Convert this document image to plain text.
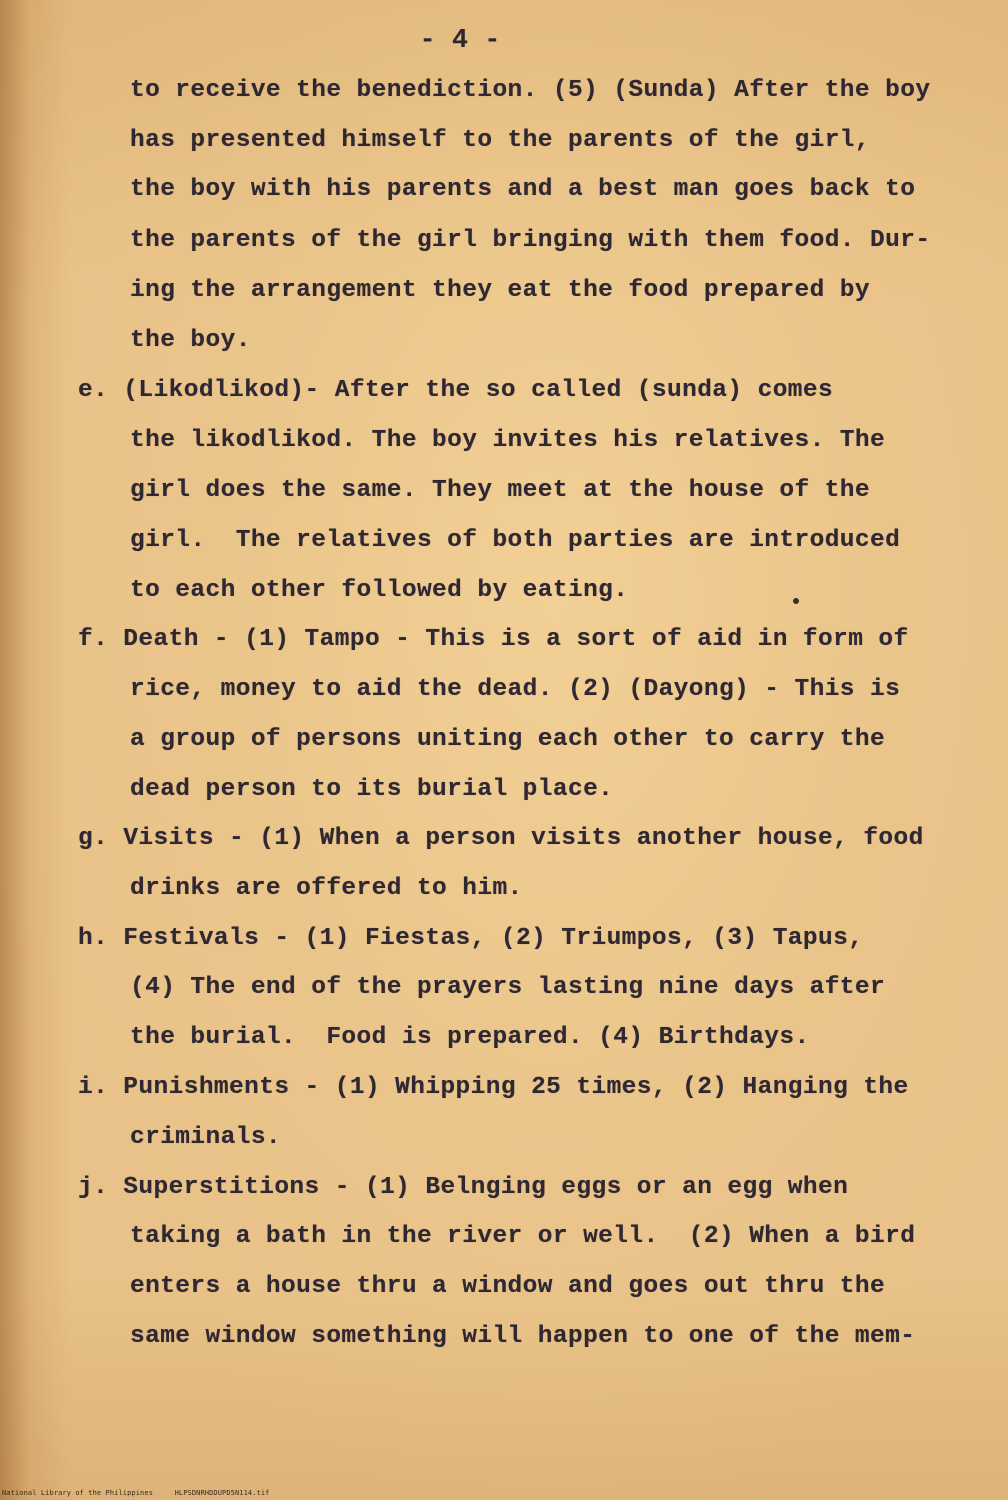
- 4 -
to receive the benediction. (5) (Sunda) After the boy
has presented himself to the parents of the girl,
the boy with his parents and a best man goes back to
the parents of the girl bringing with them food. Dur-
ing the arrangement they eat the food prepared by
the boy.
e. (Likodlikod)- After the so called (sunda) comes
the likodlikod. The boy invites his relatives. The
girl does the same. They meet at the house of the
girl.  The relatives of both parties are introduced
to each other followed by eating.
f. Death - (1) Tampo - This is a sort of aid in form of
rice, money to aid the dead. (2) (Dayong) - This is
a group of persons uniting each other to carry the
dead person to its burial place.
g. Visits - (1) When a person visits another house, food
drinks are offered to him.
h. Festivals - (1) Fiestas, (2) Triumpos, (3) Tapus,
(4) The end of the prayers lasting nine days after
the burial.  Food is prepared. (4) Birthdays.
i. Punishments - (1) Whipping 25 times, (2) Hanging the
criminals.
j. Superstitions - (1) Belnging eggs or an egg when
taking a bath in the river or well.  (2) When a bird
enters a house thru a window and goes out thru the
same window something will happen to one of the mem-
National Library of the Philippines     HLPSDNRHDDUPD5N114.tif
